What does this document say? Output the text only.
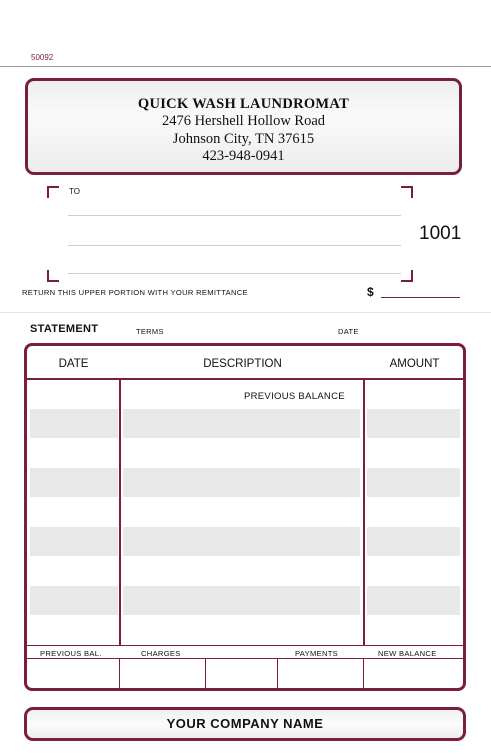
50092
QUICK WASH LAUNDROMAT
2476 Hershell Hollow Road
Johnson City, TN 37615
423-948-0941
TO
1001
RETURN THIS UPPER PORTION WITH YOUR REMITTANCE	$
STATEMENT	TERMS	DATE
DATE	DESCRIPTION	AMOUNT
PREVIOUS BALANCE
PREVIOUS BAL.	CHARGES	PAYMENTS	NEW BALANCE
YOUR COMPANY NAME
